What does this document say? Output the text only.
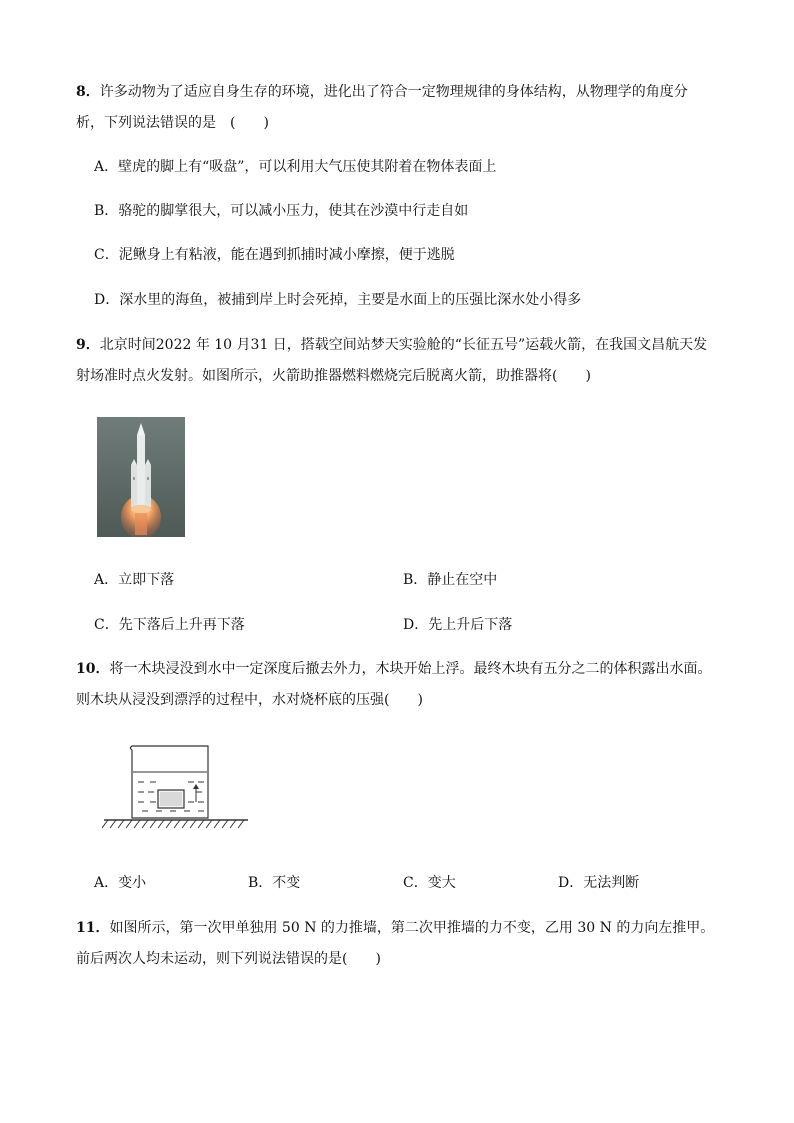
8．许多动物为了适应自身生存的环境，进化出了符合一定物理规律的身体结构，从物理学的角度分
析，下列说法错误的是　(　　)
A．壁虎的脚上有“吸盘”，可以利用大气压使其附着在物体表面上
B．骆驼的脚掌很大，可以减小压力，使其在沙漠中行走自如
C．泥鳅身上有粘液，能在遇到抓捕时减小摩擦，便于逃脱
D．深水里的海鱼，被捕到岸上时会死掉，主要是水面上的压强比深水处小得多
9．北京时间2022 年 10 月31 日，搭载空间站梦天实验舱的“长征五号”运载火箭，在我国文昌航天发
射场准时点火发射。如图所示，火箭助推器燃料燃烧完后脱离火箭，助推器将(　　)
A．立即下落	B．静止在空中
C．先下落后上升再下落	D．先上升后下落
10．将一木块浸没到水中一定深度后撤去外力，木块开始上浮。最终木块有五分之二的体积露出水面。
则木块从浸没到漂浮的过程中，水对烧杯底的压强(　　)
A．变小	B．不变	C．变大	D．无法判断
11．如图所示，第一次甲单独用 50 N 的力推墙，第二次甲推墙的力不变，乙用 30 N 的力向左推甲。
前后两次人均未运动，则下列说法错误的是(　　)
